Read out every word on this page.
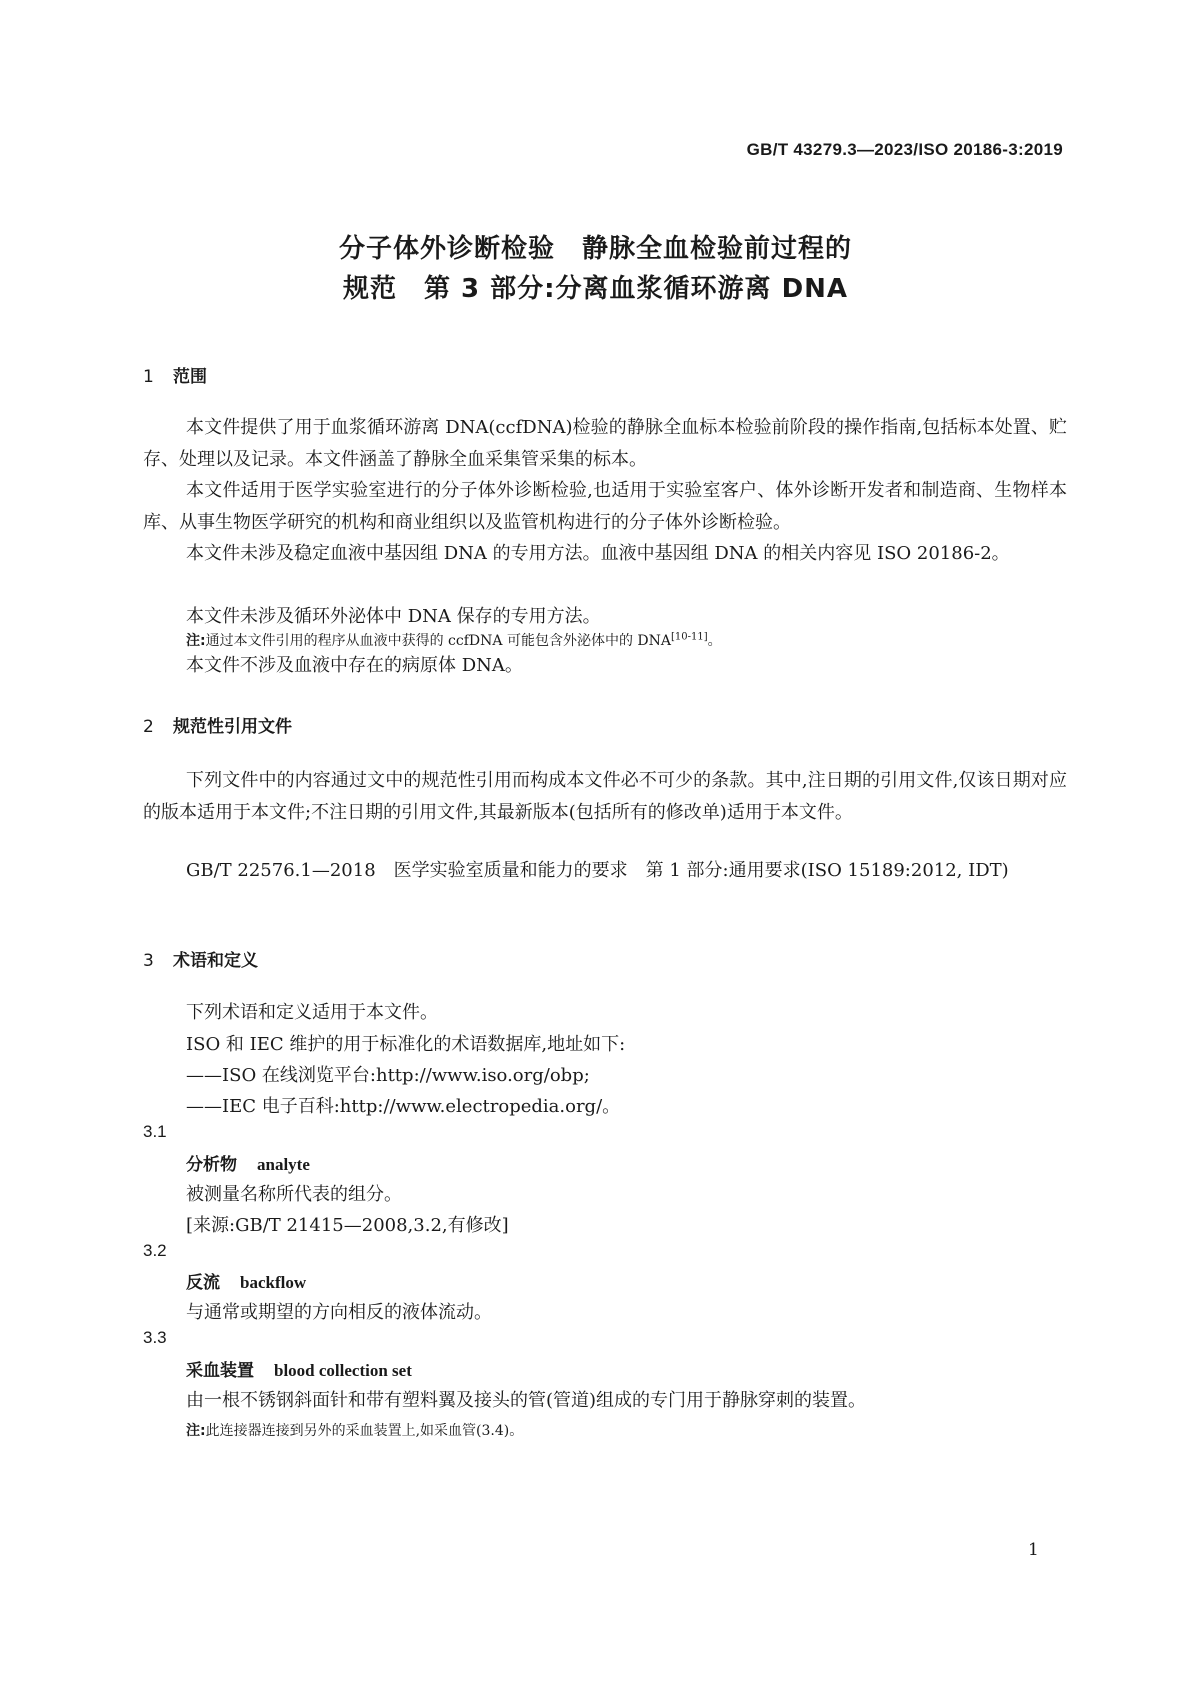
GB/T 43279.3—2023/ISO 20186-3:2019
分子体外诊断检验　静脉全血检验前过程的
规范　第 3 部分:分离血浆循环游离 DNA
1 范围
本文件提供了用于血浆循环游离 DNA(ccfDNA)检验的静脉全血标本检验前阶段的操作指南,包括标本处置、贮存、处理以及记录。本文件涵盖了静脉全血采集管采集的标本。
本文件适用于医学实验室进行的分子体外诊断检验,也适用于实验室客户、体外诊断开发者和制造商、生物样本库、从事生物医学研究的机构和商业组织以及监管机构进行的分子体外诊断检验。
本文件未涉及稳定血液中基因组 DNA 的专用方法。血液中基因组 DNA 的相关内容见 ISO 20186-2。
本文件未涉及循环外泌体中 DNA 保存的专用方法。
注:通过本文件引用的程序从血液中获得的 ccfDNA 可能包含外泌体中的 DNA[10-11]。
本文件不涉及血液中存在的病原体 DNA。
2 规范性引用文件
下列文件中的内容通过文中的规范性引用而构成本文件必不可少的条款。其中,注日期的引用文件,仅该日期对应的版本适用于本文件;不注日期的引用文件,其最新版本(包括所有的修改单)适用于本文件。
GB/T 22576.1—2018　医学实验室质量和能力的要求　第 1 部分:通用要求(ISO 15189:2012, IDT)
3 术语和定义
下列术语和定义适用于本文件。
ISO 和 IEC 维护的用于标准化的术语数据库,地址如下:
——ISO 在线浏览平台:http://www.iso.org/obp;
——IEC 电子百科:http://www.electropedia.org/。
3.1
分析物 analyte
被测量名称所代表的组分。
[来源:GB/T 21415—2008,3.2,有修改]
3.2
反流 backflow
与通常或期望的方向相反的液体流动。
3.3
采血装置 blood collection set
由一根不锈钢斜面针和带有塑料翼及接头的管(管道)组成的专门用于静脉穿刺的装置。
注:此连接器连接到另外的采血装置上,如采血管(3.4)。
1
